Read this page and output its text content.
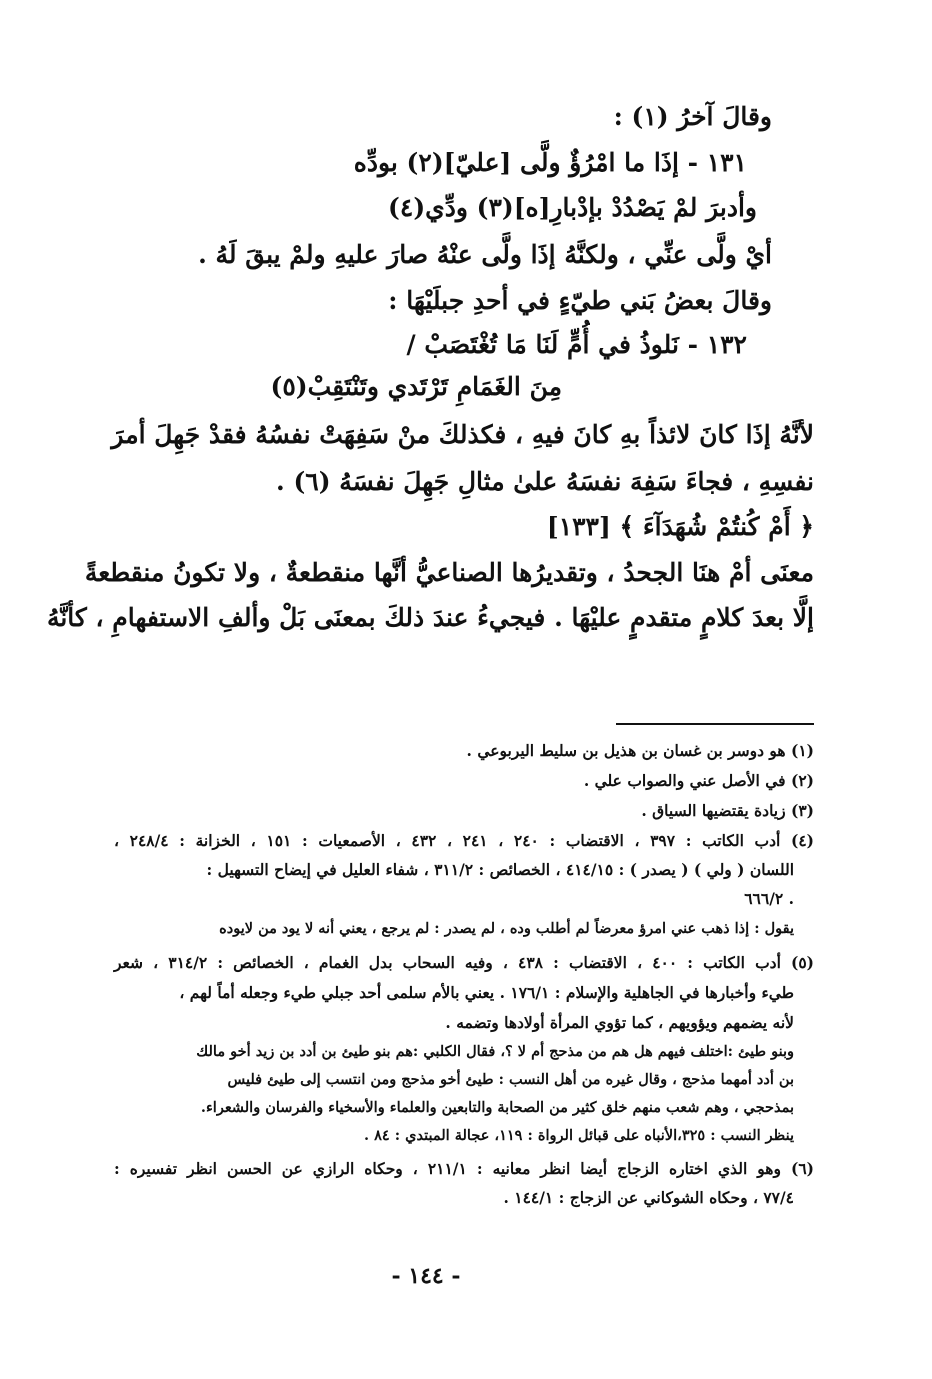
وقالَ آخرُ (١) :
١٣١ - إذَا ما امْرُؤٌ ولَّى [عليّ](٢) بودِّه
وأدبرَ لمْ يَصْدُدْ بإدْبارِ[ه](٣) ودِّي(٤)
أيْ ولَّى عنِّي ، ولكنَّهُ إذَا ولَّى عنْهُ صارَ عليهِ ولمْ يبقَ لَهُ .
وقالَ بعضُ بَني طيّءٍ في أحدِ جبلَيْهَا :
١٣٢ - نَلوذُ في أُمٍّ لَنَا مَا تُغْتَصَبْ /
مِنَ الغَمَامِ تَرْتَدي وتَنْتَقِبْ(٥)
لأنَّهُ إذَا كانَ لائذاً بهِ كانَ فيهِ ، فكذلكَ منْ سَفِهَتْ نفسُهُ فقدْ جَهِلَ أمرَ
نفسِهِ ، فجاءَ سَفِهَ نفسَهُ علىٰ مثالِ جَهِلَ نفسَهُ (٦) .
﴿ أَمْ كُنتُمْ شُهَدَآءَ ﴾ [١٣٣]
معنَى أمْ هنَا الجحدُ ، وتقديرُها الصناعيُّ أنَّها منقطعةٌ ، ولا تكونُ منقطعةً
إلَّا بعدَ كلامٍ متقدمٍ عليْهَا . فيجيءُ عندَ ذلكَ بمعنَى بَلْ وألفِ الاستفهامِ ، كأنَّهُ
(١) هو دوسر بن غسان بن هذيل بن سليط اليربوعي .
(٢) في الأصل عني والصواب علي .
(٣) زيادة يقتضيها السياق .
(٤) أدب الكاتب : ٣٩٧ ، الاقتضاب : ٢٤٠ ، ٢٤١ ، ٤٣٢ ، الأصمعيات : ١٥١ ، الخزانة : ٢٤٨/٤ ،
اللسان ( ولي ) ( يصدر ) : ٤١٤/١٥ ، الخصائص : ٣١١/٢ ، شفاء العليل في إيضاح التسهيل :
٦٦٦/٢ .
يقول : إذا ذهب عني امرؤ معرضاً لم أطلب وده ، لم يصدر : لم يرجع ، يعني أنه لا يود من لايوده
(٥) أدب الكاتب : ٤٠٠ ، الاقتضاب : ٤٣٨ ، وفيه السحاب بدل الغمام ، الخصائص : ٣١٤/٢ ، شعر
طيء وأخبارها في الجاهلية والإسلام : ١٧٦/١ . يعني بالأم سلمى أحد جبلي طيء وجعله أماً لهم ،
لأنه يضمهم ويؤويهم ، كما تؤوي المرأة أولادها وتضمه .
وبنو طيئ :اختلف فيهم هل هم من مذحج أم لا ؟، فقال الكلبي :هم بنو طيئ بن أدد بن زيد أخو مالك
بن أدد أمهما مذحج ، وقال غيره من أهل النسب : طيئ أخو مذحج ومن انتسب إلى طيئ فليس
بمذحجي ، وهم شعب منهم خلق كثير من الصحابة والتابعين والعلماء والأسخياء والفرسان والشعراء.
ينظر النسب : ٣٢٥،الأنباه على قبائل الرواة : ١١٩، عجالة المبتدي : ٨٤ .
(٦) وهو الذي اختاره الزجاج أيضا انظر معانيه : ٢١١/١ ، وحكاه الرازي عن الحسن انظر تفسيره :
٧٧/٤ ، وحكاه الشوكاني عن الزجاج : ١٤٤/١ .
- ١٤٤ -
